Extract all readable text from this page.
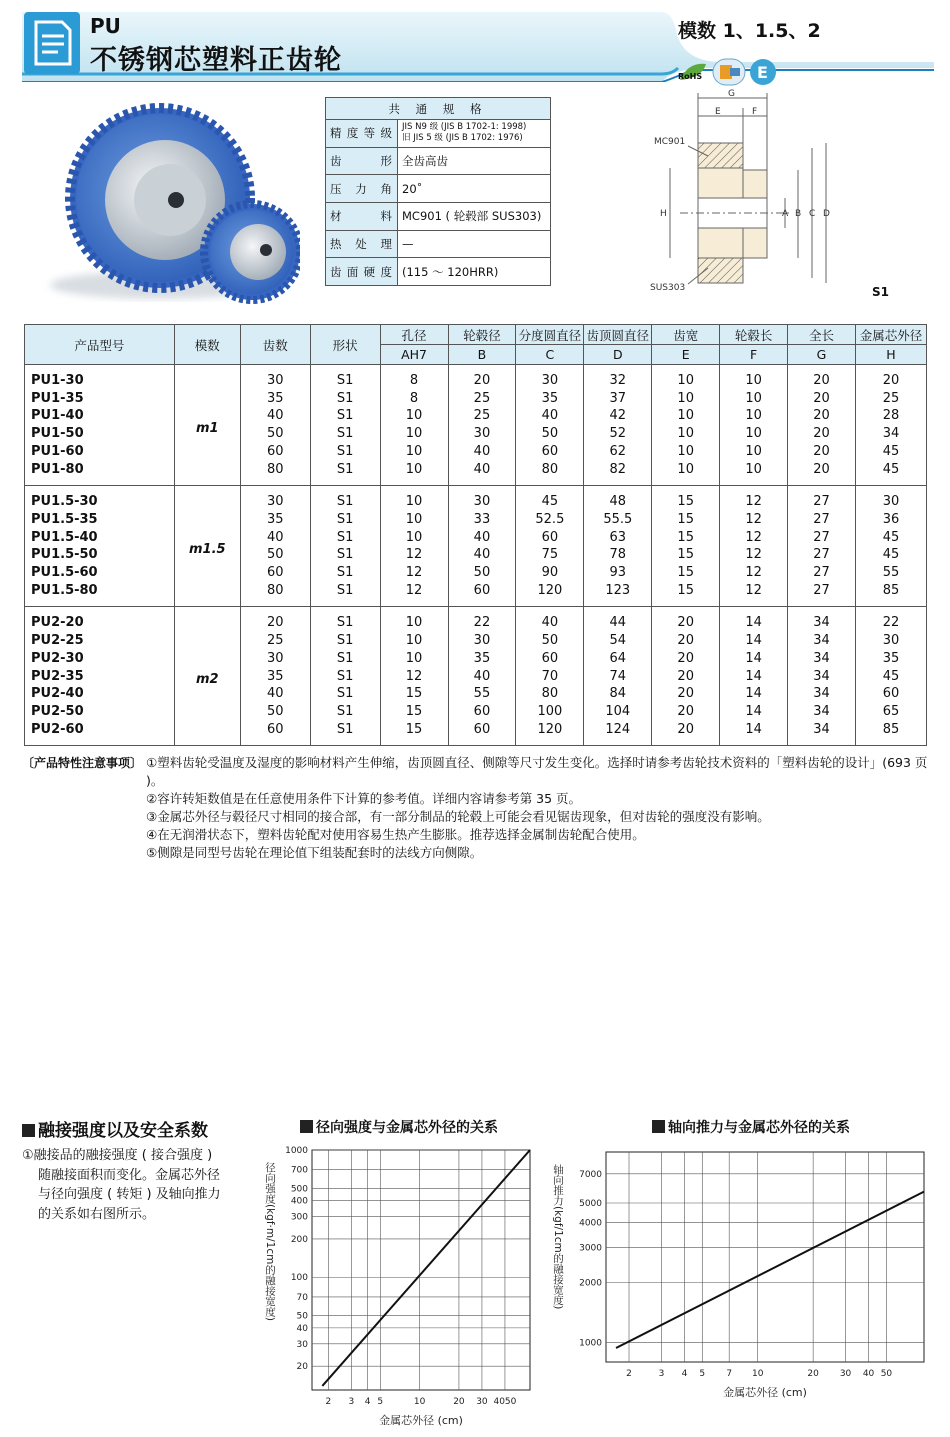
PU
不锈钢芯塑料正齿轮
模数 1、1.5、2
RoHS	E
共 通 规 格	
精度等级	JIS N9 级 (JIS B 1702-1: 1998)
旧 JIS 5 级 (JIS B 1702: 1976)

齿　　形	全齿高齿
压力角	20˚
材　　料	MC901 ( 轮毂部 SUS303)
热处理	—
齿面硬度	(115 ～ 120HRR)
G
E	F
H	A B C D
MC901
SUS303	S1
产品型号	模数	齿数	形状	孔径	轮毂径	分度圆直径	齿顶圆直径	齿宽	轮毂长	全长	金属芯外径
				AH7	B	C	D	E	F	G	H
PU1-30	m1	30	S1	8	20	30	32	10	10	20	20
PU1-35		35	S1	8	25	35	37	10	10	20	25
PU1-40		40	S1	10	25	40	42	10	10	20	28
PU1-50		50	S1	10	30	50	52	10	10	20	34
PU1-60		60	S1	10	40	60	62	10	10	20	45
PU1-80		80	S1	10	40	80	82	10	10	20	45
PU1.5-30	m1.5	30	S1	10	30	45	48	15	12	27	30
PU1.5-35		35	S1	10	33	52.5	55.5	15	12	27	36
PU1.5-40		40	S1	10	40	60	63	15	12	27	45
PU1.5-50		50	S1	12	40	75	78	15	12	27	45
PU1.5-60		60	S1	12	50	90	93	15	12	27	55
PU1.5-80		80	S1	12	60	120	123	15	12	27	85
PU2-20	m2	20	S1	10	22	40	44	20	14	34	22
PU2-25		25	S1	10	30	50	54	20	14	34	30
PU2-30		30	S1	10	35	60	64	20	14	34	35
PU2-35		35	S1	12	40	70	74	20	14	34	45
PU2-40		40	S1	15	55	80	84	20	14	34	60
PU2-50		50	S1	15	60	100	104	20	14	34	65
PU2-60		60	S1	15	60	120	124	20	14	34	85
〔产品特性注意事项〕 ①塑料齿轮受温度及湿度的影响材料产生伸缩，齿顶圆直径、侧隙等尺寸发生变化。选择时请参考齿轮技术资料的「塑料齿轮的设计」(693 页 )。
②容许转矩数值是在任意使用条件下计算的参考值。详细内容请参考第 35 页。
③金属芯外径与毂径尺寸相同的接合部，有一部分制品的轮毂上可能会看见锯齿现象，但对齿轮的强度没有影响。
④在无润滑状态下，塑料齿轮配对使用容易生热产生膨胀。推荐选择金属制齿轮配合使用。
⑤侧隙是同型号齿轮在理论值下组装配套时的法线方向侧隙。
融接强度以及安全系数
①融接品的融接强度 ( 接合强度 )
随融接面积而变化。金属芯外径
与径向强度 ( 转矩 ) 及轴向推力
的关系如右图所示。
径向强度与金属芯外径的关系	轴向推力与金属芯外径的关系
2 3 4 5	10	20 30 4050
1000
700
500
400
300
200
100
70
50
40
30
20
金属芯外径 (cm)
径向强度(kgf·m/1cm的融接宽度)
2	3 4 5 7 10	20 30 40 50
7000
5000
4000
3000
2000
1000
金属芯外径 (cm)
轴向推力(kgf/1cm的融接宽度)
